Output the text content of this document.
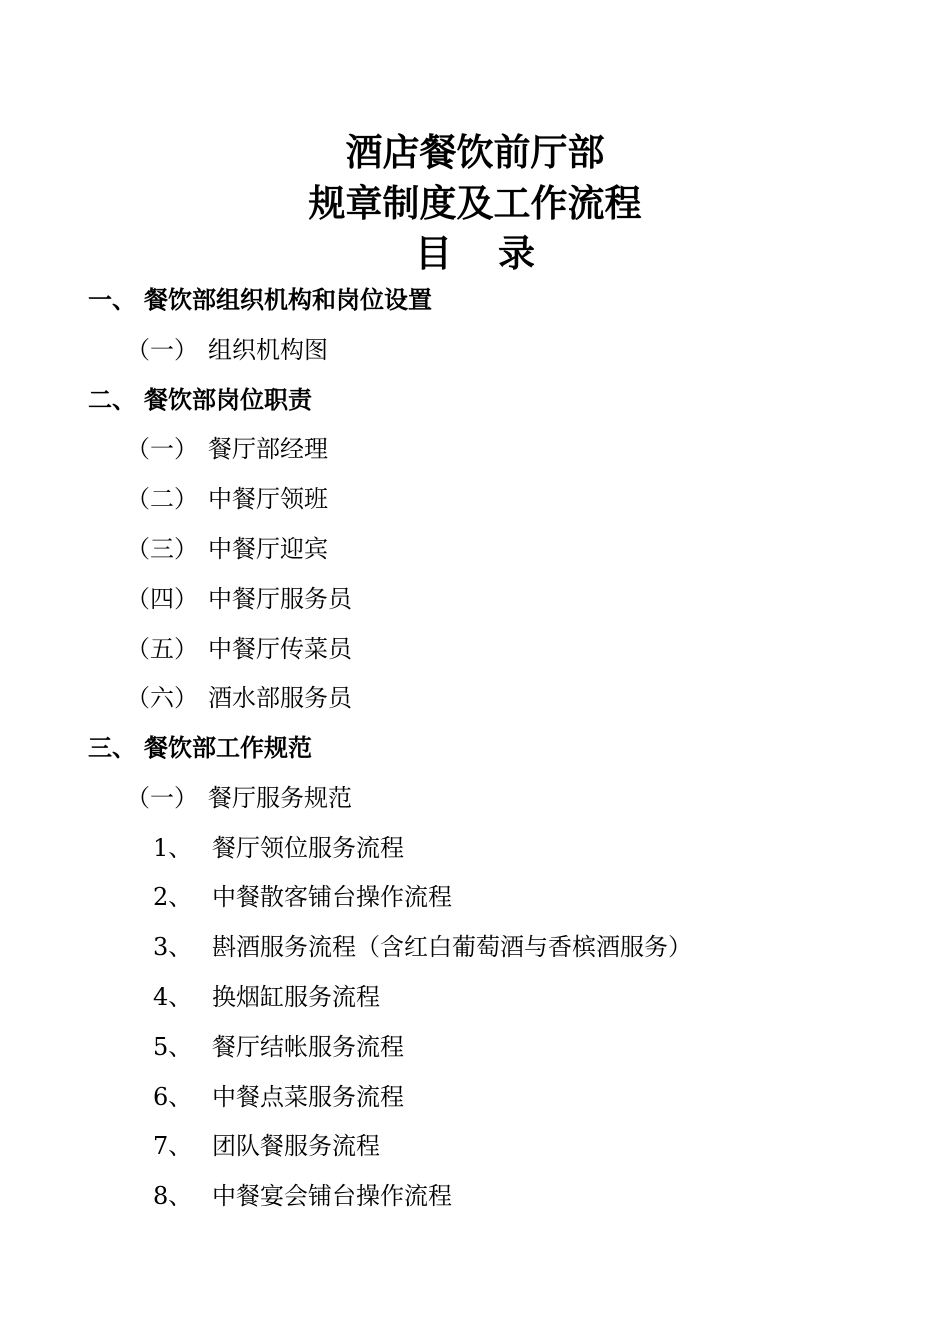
酒店餐饮前厅部
规章制度及工作流程
目 录
一、 餐饮部组织机构和岗位设置
（一） 组织机构图
二、 餐饮部岗位职责
（一） 餐厅部经理
（二） 中餐厅领班
（三） 中餐厅迎宾
（四） 中餐厅服务员
（五） 中餐厅传菜员
（六） 酒水部服务员
三、 餐饮部工作规范
（一） 餐厅服务规范
1、 餐厅领位服务流程
2、 中餐散客铺台操作流程
3、 斟酒服务流程（含红白葡萄酒与香槟酒服务）
4、 换烟缸服务流程
5、 餐厅结帐服务流程
6、 中餐点菜服务流程
7、 团队餐服务流程
8、 中餐宴会铺台操作流程
